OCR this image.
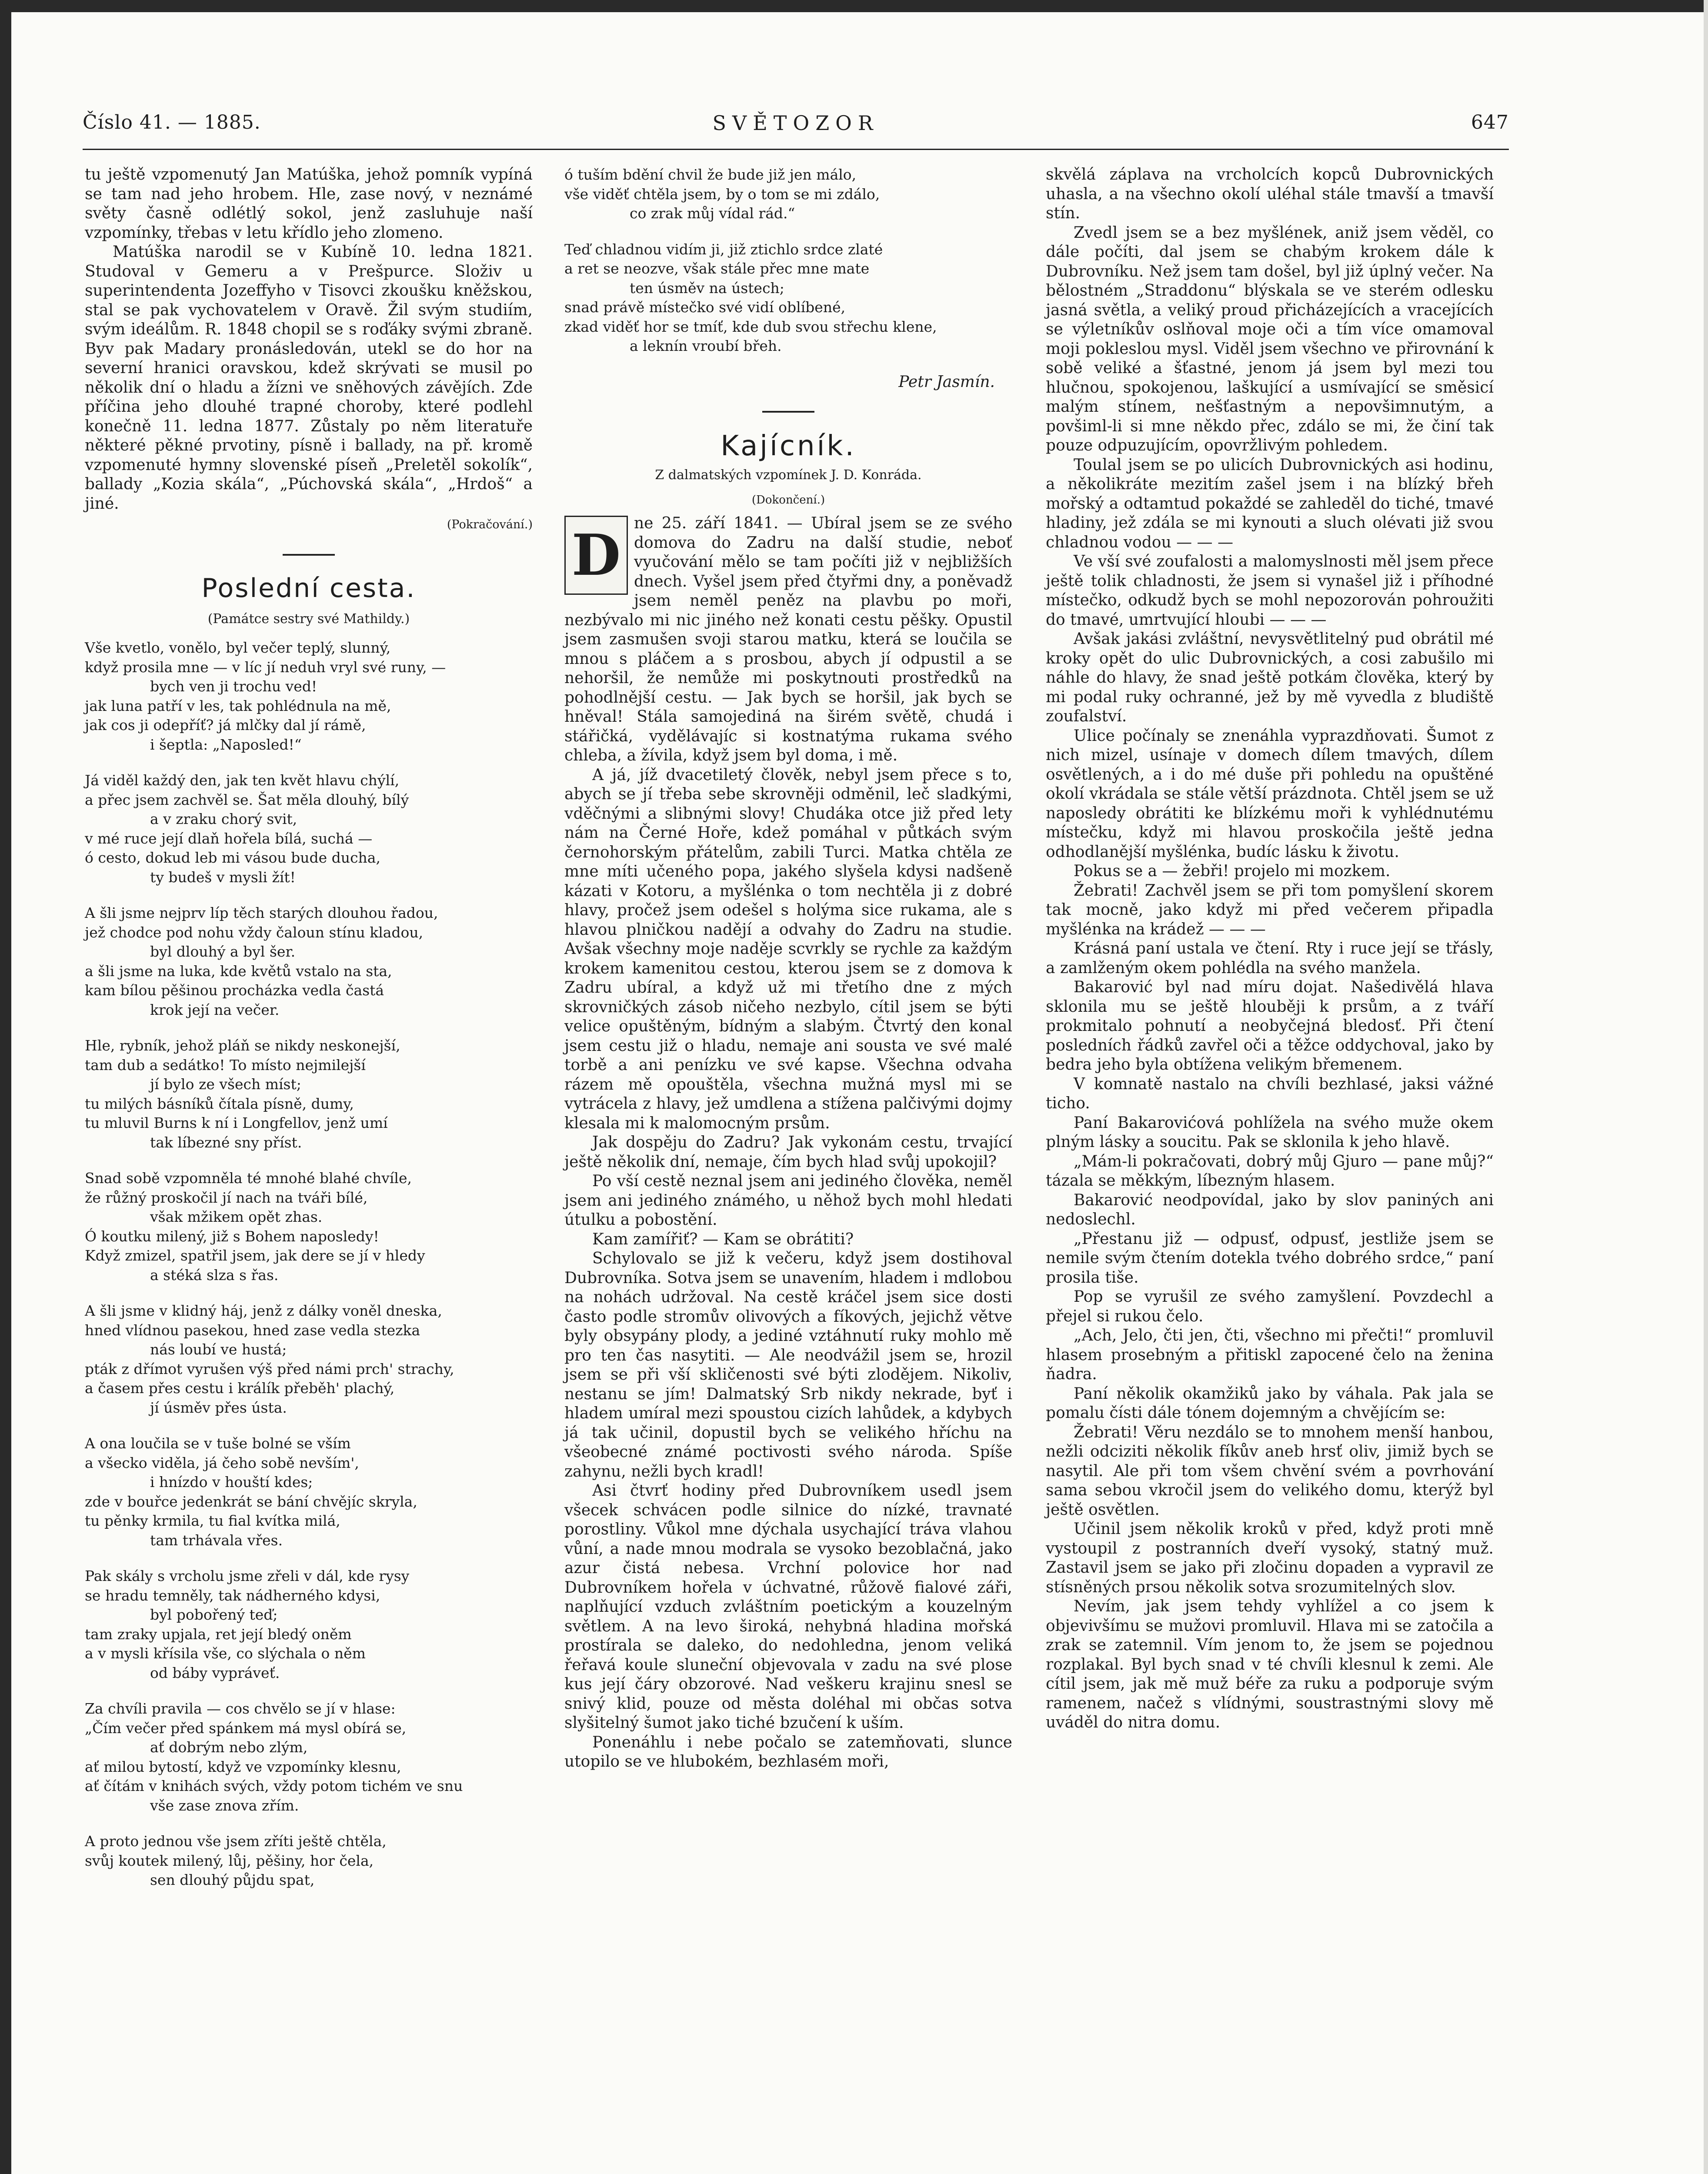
Číslo 41. — 1885.	SVĚTOZOR	647

tu ještě vzpomenutý Jan Matúška, jehož pomník vypíná se tam nad jeho hrobem. Hle, zase nový, v neznámé světy časně odlétlý sokol, jenž zasluhuje naší vzpomínky, třebas v letu křídlo jeho zlomeno.

Matúška narodil se v Kubíně 10. ledna 1821. Studoval v Gemeru a v Prešpurce. Složiv u superintendenta Jozeffyho v Tisovci zkoušku kněžskou, stal se pak vychovatelem v Oravě. Žil svým studiím, svým ideálům. R. 1848 chopil se s roďáky svými zbraně. Byv pak Madary pronásledován, utekl se do hor na severní hranici oravskou, kdež skrývati se musil po několik dní o hladu a žízni ve sněhových závějích. Zde příčina jeho dlouhé trapné choroby, které podlehl konečně 11. ledna 1877. Zůstaly po něm literatuře některé pěkné prvotiny, písně i ballady, na př. kromě vzpomenuté hymny slovenské píseň „Preletěl sokolík“, ballady „Kozia skála“, „Púchovská skála“, „Hrdoš“ a jiné.

(Pokračování.)
Poslední cesta.
(Památce sestry své Mathildy.)
Vše kvetlo, vonělo, byl večer teplý, slunný,
když prosila mne — v líc jí neduh vryl své runy, —
bych ven ji trochu ved!
jak luna patří v les, tak pohlédnula na mě,
jak cos ji odepříť? já mlčky dal jí rámě,
i šeptla: „Naposled!“
Já viděl každý den, jak ten květ hlavu chýlí,
a přec jsem zachvěl se. Šat měla dlouhý, bílý
a v zraku chorý svit,
v mé ruce její dlaň hořela bílá, suchá —
ó cesto, dokud leb mi vásou bude ducha,
ty budeš v mysli žít!
A šli jsme nejprv líp těch starých dlouhou řadou,
jež chodce pod nohu vždy čaloun stínu kladou,
byl dlouhý a byl šer.
a šli jsme na luka, kde květů vstalo na sta,
kam bílou pěšinou procházka vedla častá
krok její na večer.
Hle, rybník, jehož pláň se nikdy neskonejší,
tam dub a sedátko! To místo nejmilejší
jí bylo ze všech míst;
tu milých básníků čítala písně, dumy,
tu mluvil Burns k ní i Longfellov, jenž umí
tak líbezné sny příst.
Snad sobě vzpomněla té mnohé blahé chvíle,
že růžný proskočil jí nach na tváři bílé,
však mžikem opět zhas.
Ó koutku milený, již s Bohem naposledy!
Když zmizel, spatřil jsem, jak dere se jí v hledy
a stéká slza s řas.
A šli jsme v klidný háj, jenž z dálky voněl dneska,
hned vlídnou pasekou, hned zase vedla stezka
nás loubí ve hustá;
pták z dřímot vyrušen výš před námi prch' strachy,
a časem přes cestu i králík přeběh' plachý,
jí úsměv přes ústa.
A ona loučila se v tuše bolné se vším
a všecko viděla, já čeho sobě nevším',
i hnízdo v houští kdes;
zde v bouřce jedenkrát se bání chvějíc skryla,
tu pěnky krmila, tu fial kvítka milá,
tam trhávala vřes.
Pak skály s vrcholu jsme zřeli v dál, kde rysy
se hradu temněly, tak nádherného kdysi,
byl pobořený teď;
tam zraky upjala, ret její bledý oněm
a v mysli křísila vše, co slýchala o něm
od báby vypráveť.
Za chvíli pravila — cos chvělo se jí v hlase:
„Čím večer před spánkem má mysl obírá se,
ať dobrým nebo zlým,
ať milou bytostí, když ve vzpomínky klesnu,
ať čítám v knihách svých, vždy potom tichém ve snu
vše zase znova zřím.
A proto jednou vše jsem zříti ještě chtěla,
svůj koutek milený, lůj, pěšiny, hor čela,
sen dlouhý půjdu spat,
ó tuším bdění chvil že bude již jen málo,
vše viděť chtěla jsem, by o tom se mi zdálo,
co zrak můj vídal rád.“
Teď chladnou vidím ji, již ztichlo srdce zlaté
a ret se neozve, však stále přec mne mate
ten úsměv na ústech;
snad právě místečko své vidí oblíbené,
zkad viděť hor se tmíť, kde dub svou střechu klene,
a leknín vroubí břeh.
Petr Jasmín.
Kajícník.
Z dalmatských vzpomínek J. D. Konráda.
(Dokončení.)
D ne 25. září 1841. — Ubíral jsem se ze svého domova do Zadru na další studie, neboť vyučování mělo se tam počíti již v nejbližších dnech. Vyšel jsem před čtyřmi dny, a poněvadž jsem neměl peněz na plavbu po moři, nezbývalo mi nic jiného než konati cestu pěšky. Opustil jsem zasmušen svoji starou matku, která se loučila se mnou s pláčem a s prosbou, abych jí odpustil a se nehoršil, že nemůže mi poskytnouti prostředků na pohodlnější cestu. — Jak bych se horšil, jak bych se hněval! Stála samojediná na širém světě, chudá i stářičká, vydělávajíc si kostnatýma rukama svého chleba, a žívila, když jsem byl doma, i mě.

A já, jíž dvacetiletý člověk, nebyl jsem přece s to, abych se jí třeba sebe skrovněji odměnil, leč sladkými, vděčnými a slibnými slovy! Chudáka otce již před lety nám na Černé Hoře, kdež pomáhal v půtkách svým černohorským přátelům, zabili Turci. Matka chtěla ze mne míti učeného popa, jakého slyšela kdysi nadšeně kázati v Kotoru, a myšlénka o tom nechtěla ji z dobré hlavy, pročež jsem odešel s holýma sice rukama, ale s hlavou plničkou nadějí a odvahy do Zadru na studie. Avšak všechny moje naděje scvrkly se rychle za každým krokem kamenitou cestou, kterou jsem se z domova k Zadru ubíral, a když už mi třetího dne z mých skrovničkých zásob ničeho nezbylo, cítil jsem se býti velice opuštěným, bídným a slabým. Čtvrtý den konal jsem cestu již o hladu, nemaje ani sousta ve své malé torbě a ani penízku ve své kapse. Všechna odvaha rázem mě opouštěla, všechna mužná mysl mi se vytrácela z hlavy, jež umdlena a stížena palčivými dojmy klesala mi k malomocným prsům.

Jak dospěju do Zadru? Jak vykonám cestu, trvající ještě několik dní, nemaje, čím bych hlad svůj upokojil?

Po vší cestě neznal jsem ani jediného člověka, neměl jsem ani jediného známého, u něhož bych mohl hledati útulku a pobostění.

Kam zamířiť? — Kam se obrátiti?

Schylovalo se již k večeru, když jsem dostihoval Dubrovníka. Sotva jsem se unavením, hladem i mdlobou na nohách udržoval. Na cestě kráčel jsem sice dosti často podle stromův olivových a fíkových, jejichž větve byly obsypány plody, a jediné vztáhnutí ruky mohlo mě pro ten čas nasytiti. — Ale neodvážil jsem se, hrozil jsem se při vší skličenosti své býti zlodějem. Nikoliv, nestanu se jím! Dalmatský Srb nikdy nekrade, byť i hladem umíral mezi spoustou cizích lahůdek, a kdybych já tak učinil, dopustil bych se velikého hříchu na všeobecné známé poctivosti svého národa. Spíše zahynu, nežli bych kradl!

Asi čtvrť hodiny před Dubrovníkem usedl jsem všecek schvácen podle silnice do nízké, travnaté porostliny. Vůkol mne dýchala usychající tráva vlahou vůní, a nade mnou modrala se vysoko bezoblačná, jako azur čistá nebesa. Vrchní polovice hor nad Dubrovníkem hořela v úchvatné, růžově fialové záři, naplňující vzduch zvláštním poetickým a kouzelným světlem. A na levo široká, nehybná hladina mořská prostírala se daleko, do nedohledna, jenom veliká řeřavá koule sluneční objevovala v zadu na své plose kus její čáry obzorové. Nad veškeru krajinu snesl se snivý klid, pouze od města doléhal mi občas sotva slyšitelný šumot jako tiché bzučení k uším.

Ponenáhlu i nebe počalo se zatemňovati, slunce utopilo se ve hlubokém, bezhlasém moři,

skvělá záplava na vrcholcích kopců Dubrovnických uhasla, a na všechno okolí uléhal stále tmavší a tmavší stín.

Zvedl jsem se a bez myšlének, aniž jsem věděl, co dále počíti, dal jsem se chabým krokem dále k Dubrovníku. Než jsem tam došel, byl již úplný večer. Na bělostném „Straddonu“ blýskala se ve sterém odlesku jasná světla, a veliký proud přicházejících a vracejících se výletníkův oslňoval moje oči a tím více omamoval moji pokleslou mysl. Viděl jsem všechno ve přirovnání k sobě veliké a šťastné, jenom já jsem byl mezi tou hlučnou, spokojenou, laškující a usmívající se směsicí malým stínem, nešťastným a nepovšimnutým, a povšiml-li si mne někdo přec, zdálo se mi, že činí tak pouze odpuzujícím, opovržlivým pohledem.

Toulal jsem se po ulicích Dubrovnických asi hodinu, a několikráte mezitím zašel jsem i na blízký břeh mořský a odtamtud pokaždé se zahleděl do tiché, tmavé hladiny, jež zdála se mi kynouti a sluch olévati již svou chladnou vodou — — —

Ve vší své zoufalosti a malomyslnosti měl jsem přece ještě tolik chladnosti, že jsem si vynašel již i příhodné místečko, odkudž bych se mohl nepozorován pohroužiti do tmavé, umrtvující hloubi — — —

Avšak jakási zvláštní, nevysvětlitelný pud obrátil mé kroky opět do ulic Dubrovnických, a cosi zabušilo mi náhle do hlavy, že snad ještě potkám člověka, který by mi podal ruky ochranné, jež by mě vyvedla z bludiště zoufalství.

Ulice počínaly se znenáhla vyprazdňovati. Šumot z nich mizel, usínaje v domech dílem tmavých, dílem osvětlených, a i do mé duše při pohledu na opuštěné okolí vkrádala se stále větší prázdnota. Chtěl jsem se už naposledy obrátiti ke blízkému moři k vyhlédnutému místečku, když mi hlavou proskočila ještě jedna odhodlanější myšlénka, budíc lásku k životu.

Pokus se a — žebři! projelo mi mozkem.

Žebrati! Zachvěl jsem se při tom pomyšlení skorem tak mocně, jako když mi před večerem připadla myšlénka na krádež — — —

Krásná paní ustala ve čtení. Rty i ruce její se třásly, a zamlženým okem pohlédla na svého manžela.

Bakarović byl nad míru dojat. Našedivělá hlava sklonila mu se ještě hlouběji k prsům, a z tváří prokmitalo pohnutí a neobyčejná bledosť. Při čtení posledních řádků zavřel oči a těžce oddychoval, jako by bedra jeho byla obtížena velikým břemenem.

V komnatě nastalo na chvíli bezhlasé, jaksi vážné ticho.

Paní Bakarovićová pohlížela na svého muže okem plným lásky a soucitu. Pak se sklonila k jeho hlavě.

„Mám-li pokračovati, dobrý můj Gjuro — pane můj?“ tázala se měkkým, líbezným hlasem.

Bakarović neodpovídal, jako by slov paniných ani nedoslechl.

„Přestanu již — odpusť, odpusť, jestliže jsem se nemile svým čtením dotekla tvého dobrého srdce,“ paní prosila tiše.

Pop se vyrušil ze svého zamyšlení. Povzdechl a přejel si rukou čelo.

„Ach, Jelo, čti jen, čti, všechno mi přečti!“ promluvil hlasem prosebným a přitiskl zapocené čelo na ženina ňadra.

Paní několik okamžiků jako by váhala. Pak jala se pomalu čísti dále tónem dojemným a chvějícím se:

Žebrati! Věru nezdálo se to mnohem menší hanbou, nežli odciziti několik fíkův aneb hrsť oliv, jimiž bych se nasytil. Ale při tom všem chvění svém a povrhování sama sebou vkročil jsem do velikého domu, kterýž byl ještě osvětlen.

Učinil jsem několik kroků v před, když proti mně vystoupil z postranních dveří vysoký, statný muž. Zastavil jsem se jako při zločinu dopaden a vypravil ze stísněných prsou několik sotva srozumitelných slov.

Nevím, jak jsem tehdy vyhlížel a co jsem k objevivšímu se mužovi promluvil. Hlava mi se zatočila a zrak se zatemnil. Vím jenom to, že jsem se pojednou rozplakal. Byl bych snad v té chvíli klesnul k zemi. Ale cítil jsem, jak mě muž béře za ruku a podporuje svým ramenem, načež s vlídnými, soustrastnými slovy mě uváděl do nitra domu.
